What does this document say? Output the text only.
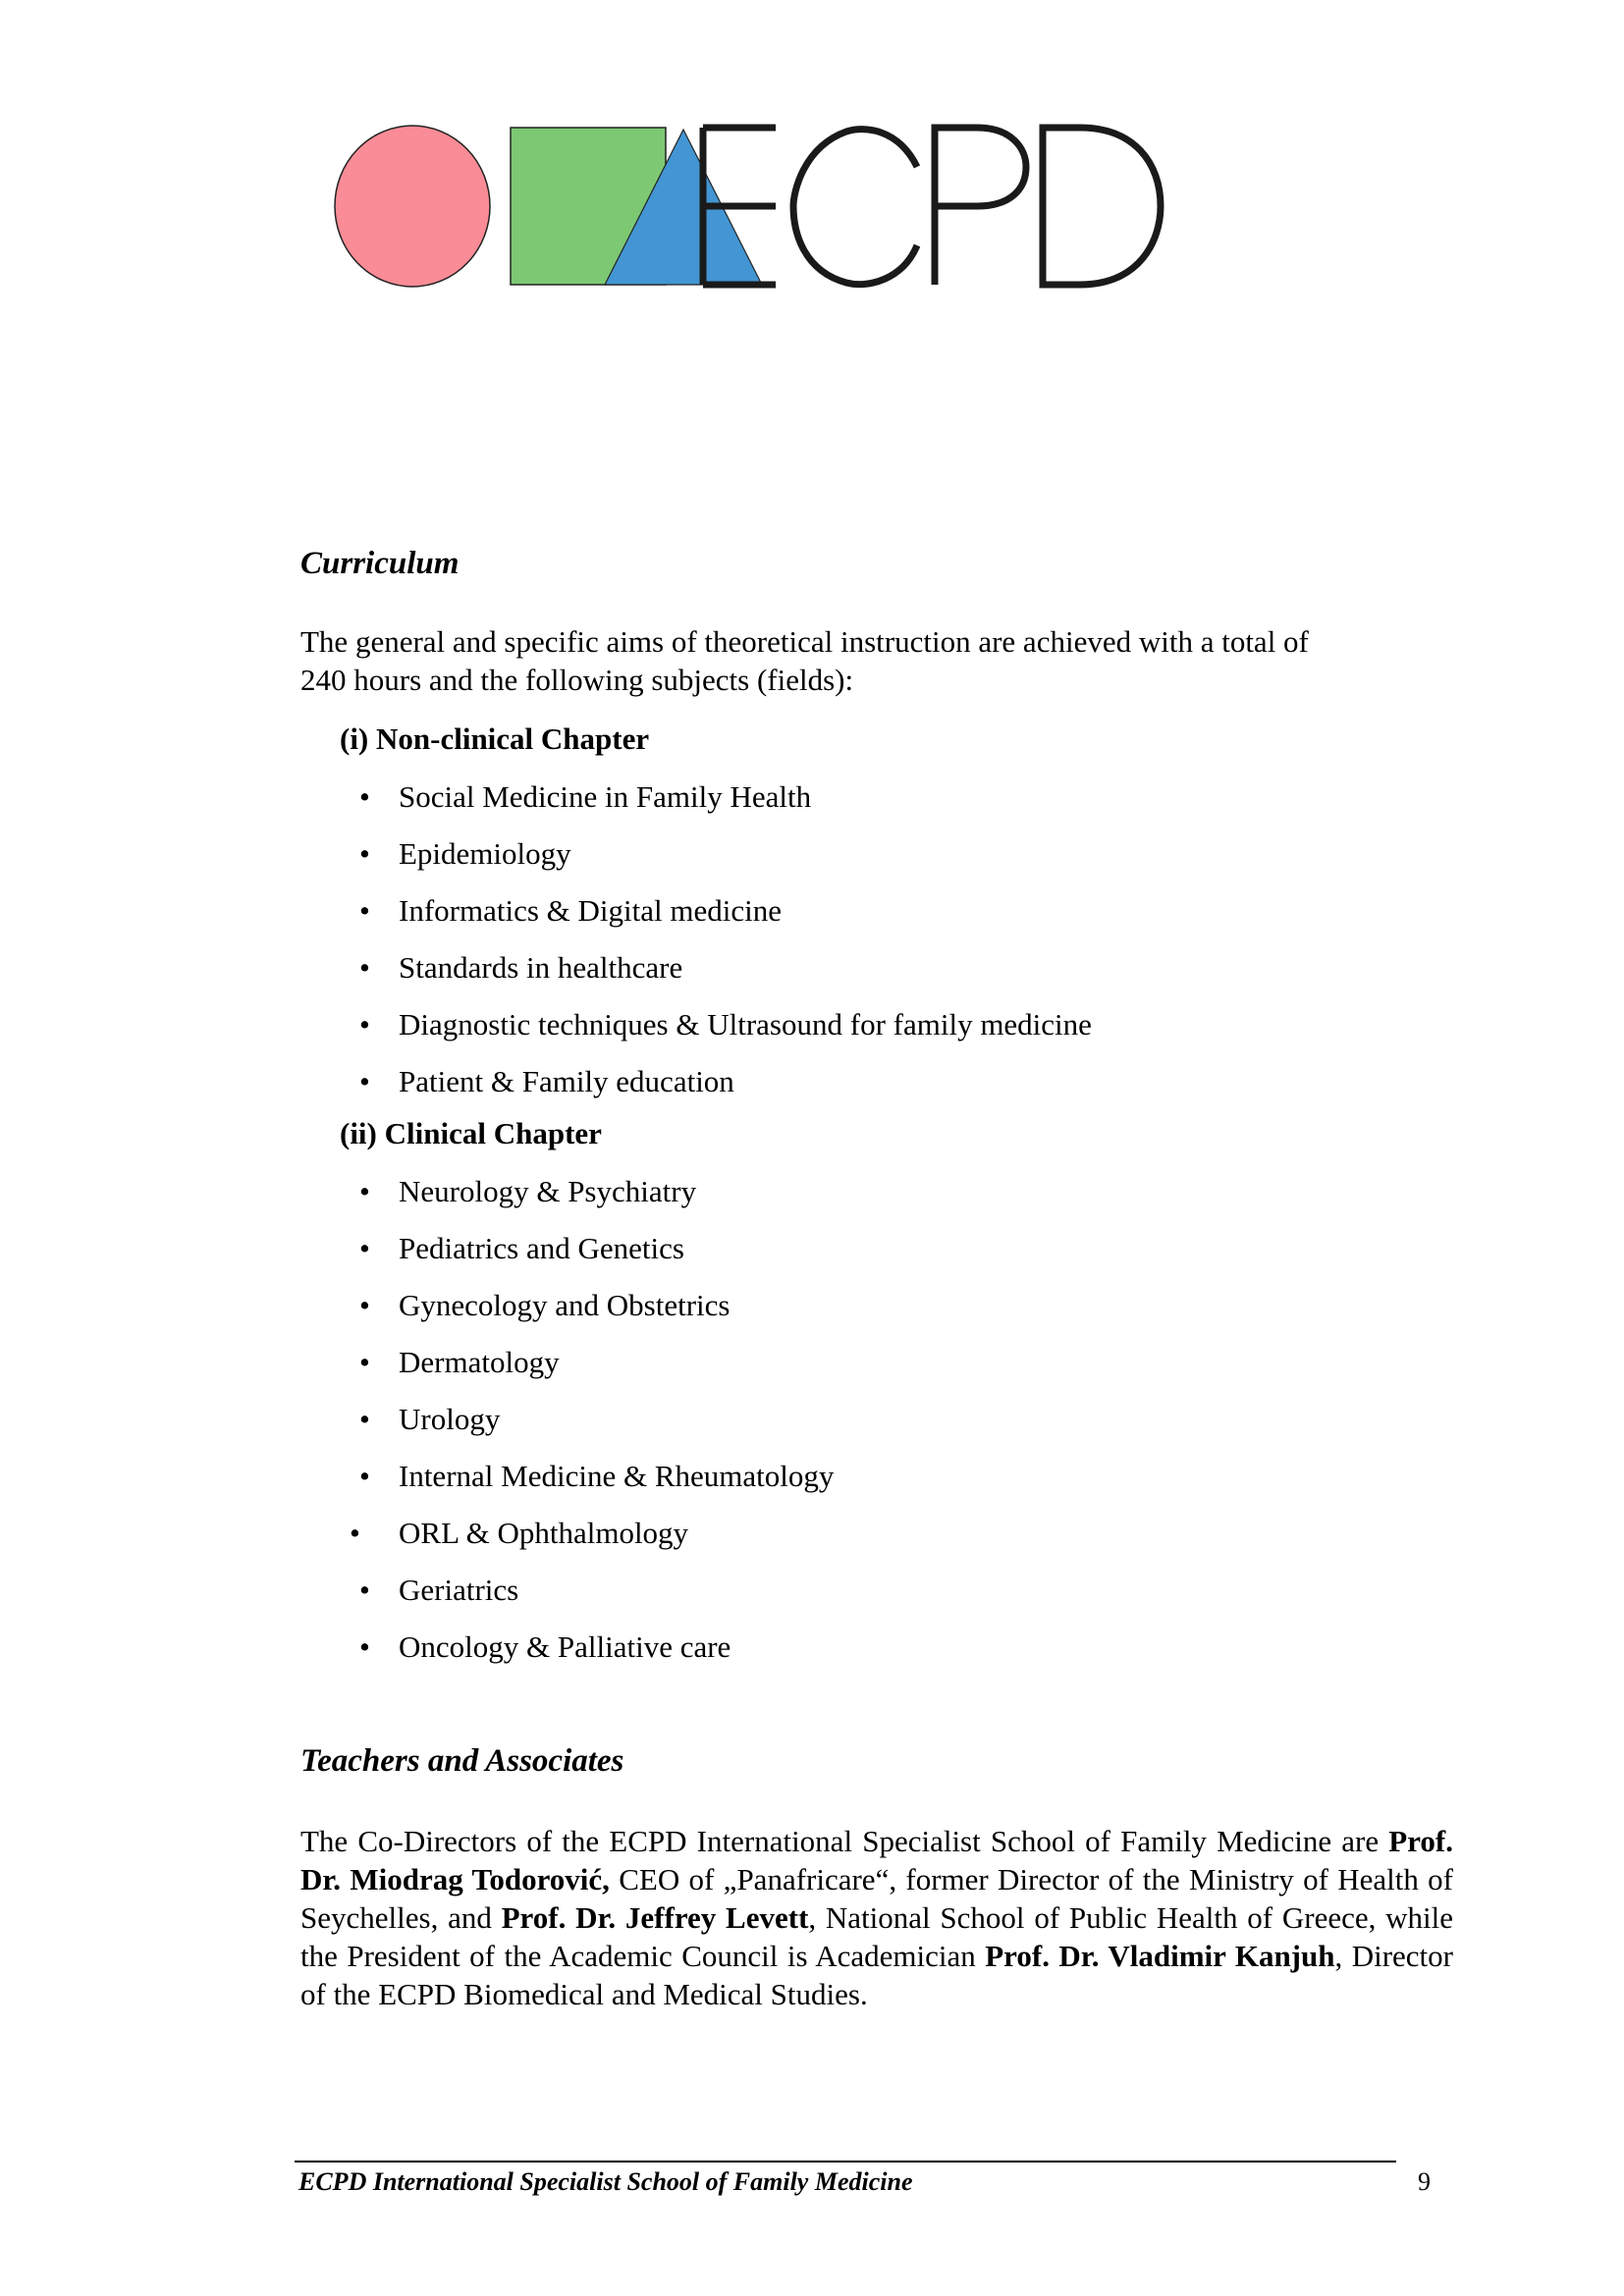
Curriculum

The general and specific aims of theoretical instruction are achieved with a total of

240 hours and the following subjects (fields):

(i) Non-clinical Chapter
• Social Medicine in Family Health

• Epidemiology

• Informatics & Digital medicine

• Standards in healthcare

• Diagnostic techniques & Ultrasound for family medicine

• Patient & Family education

(ii) Clinical Chapter
• Neurology & Psychiatry

• Pediatrics and Genetics

• Gynecology and Obstetrics

• Dermatology

• Urology

• Internal Medicine & Rheumatology

• ORL & Ophthalmology

• Geriatrics

• Oncology & Palliative care

Teachers and Associates

The Co-Directors of the ECPD International Specialist School of Family Medicine are Prof. Dr. Miodrag Todorović, CEO of „Panafricare“, former Director of the Ministry of Health of Seychelles, and Prof. Dr. Jeffrey Levett, National School of Public Health of Greece, while the President of the Academic Council is Academician Prof. Dr. Vladimir Kanjuh, Director of the ECPD Biomedical and Medical Studies.

ECPD International Specialist School of Family Medicine	9
